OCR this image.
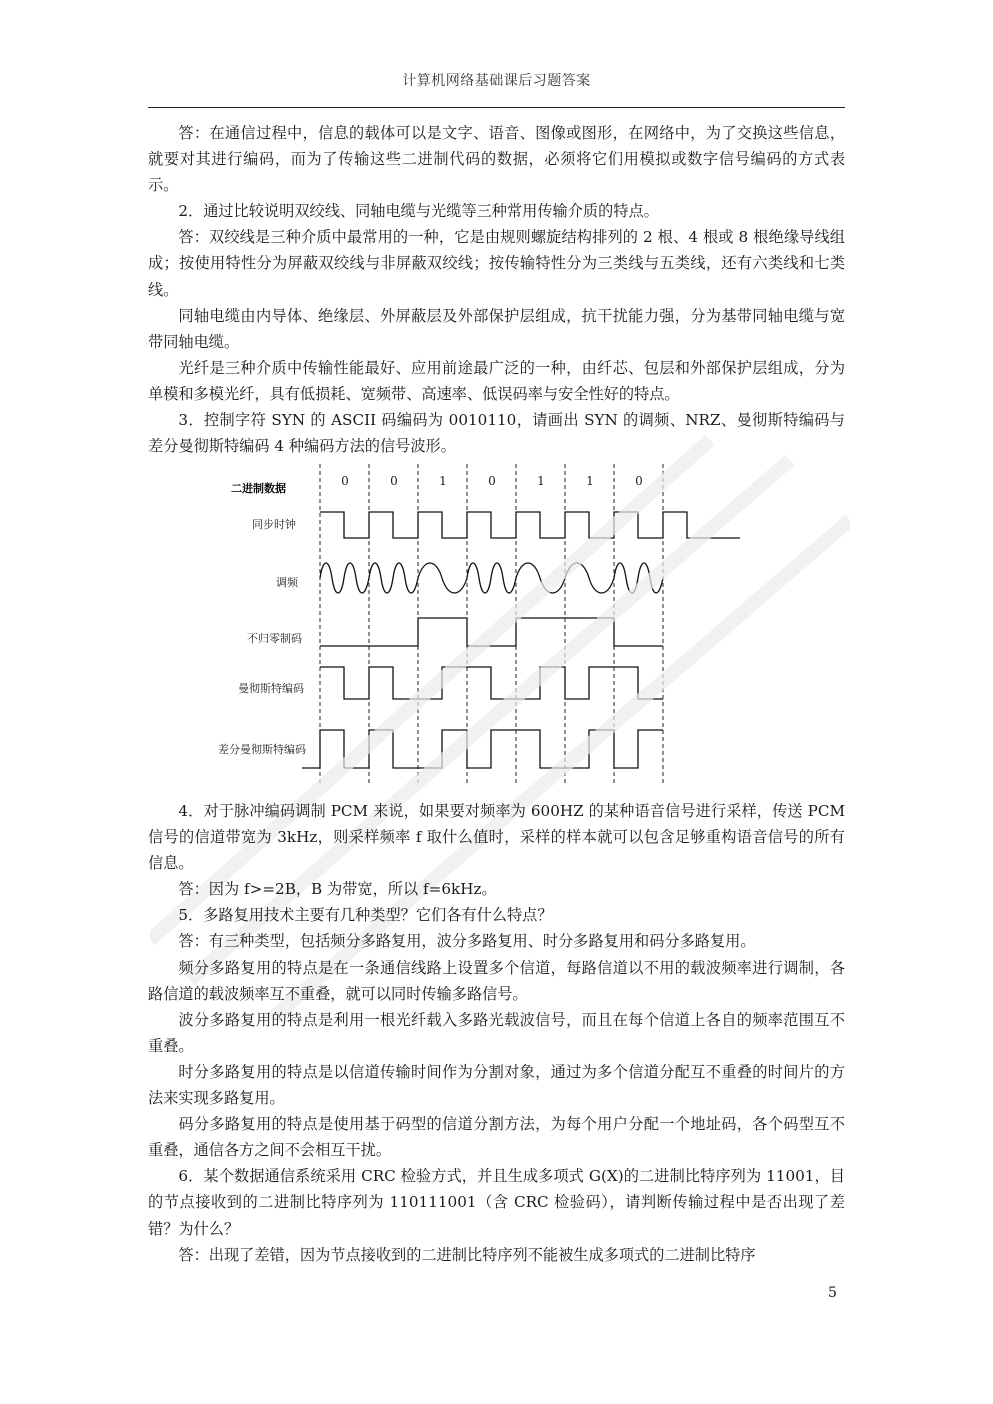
计算机网络基础课后习题答案

答：在通信过程中，信息的载体可以是文字、语音、图像或图形，在网络中，为了交换这些信息，就要对其进行编码，而为了传输这些二进制代码的数据，必须将它们用模拟或数字信号编码的方式表示。

2．通过比较说明双绞线、同轴电缆与光缆等三种常用传输介质的特点。

答：双绞线是三种介质中最常用的一种，它是由规则螺旋结构排列的 2 根、4 根或 8 根绝缘导线组成；按使用特性分为屏蔽双绞线与非屏蔽双绞线；按传输特性分为三类线与五类线，还有六类线和七类线。

同轴电缆由内导体、绝缘层、外屏蔽层及外部保护层组成，抗干扰能力强，分为基带同轴电缆与宽带同轴电缆。

光纤是三种介质中传输性能最好、应用前途最广泛的一种，由纤芯、包层和外部保护层组成，分为单模和多模光纤，具有低损耗、宽频带、高速率、低误码率与安全性好的特点。

3．控制字符 SYN 的 ASCII 码编码为 0010110，请画出 SYN 的调频、NRZ、曼彻斯特编码与差分曼彻斯特编码 4 种编码方法的信号波形。

二进制数据
同步时钟
调频
不归零制码
曼彻斯特编码
差分曼彻斯特编码
0	0	1	0	1	1	0

4．对于脉冲编码调制 PCM 来说，如果要对频率为 600HZ 的某种语音信号进行采样，传送 PCM 信号的信道带宽为 3kHz，则采样频率 f 取什么值时，采样的样本就可以包含足够重构语音信号的所有信息。

答：因为 f>=2B，B 为带宽，所以 f=6kHz。

5．多路复用技术主要有几种类型？它们各有什么特点？

答：有三种类型，包括频分多路复用，波分多路复用、时分多路复用和码分多路复用。

频分多路复用的特点是在一条通信线路上设置多个信道，每路信道以不用的载波频率进行调制，各路信道的载波频率互不重叠，就可以同时传输多路信号。

波分多路复用的特点是利用一根光纤载入多路光载波信号，而且在每个信道上各自的频率范围互不重叠。

时分多路复用的特点是以信道传输时间作为分割对象，通过为多个信道分配互不重叠的时间片的方法来实现多路复用。

码分多路复用的特点是使用基于码型的信道分割方法，为每个用户分配一个地址码，各个码型互不重叠，通信各方之间不会相互干扰。

6．某个数据通信系统采用 CRC 检验方式，并且生成多项式 G(X)的二进制比特序列为 11001，目的节点接收到的二进制比特序列为 110111001（含 CRC 检验码），请判断传输过程中是否出现了差错？为什么？

答：出现了差错，因为节点接收到的二进制比特序列不能被生成多项式的二进制比特序

5
